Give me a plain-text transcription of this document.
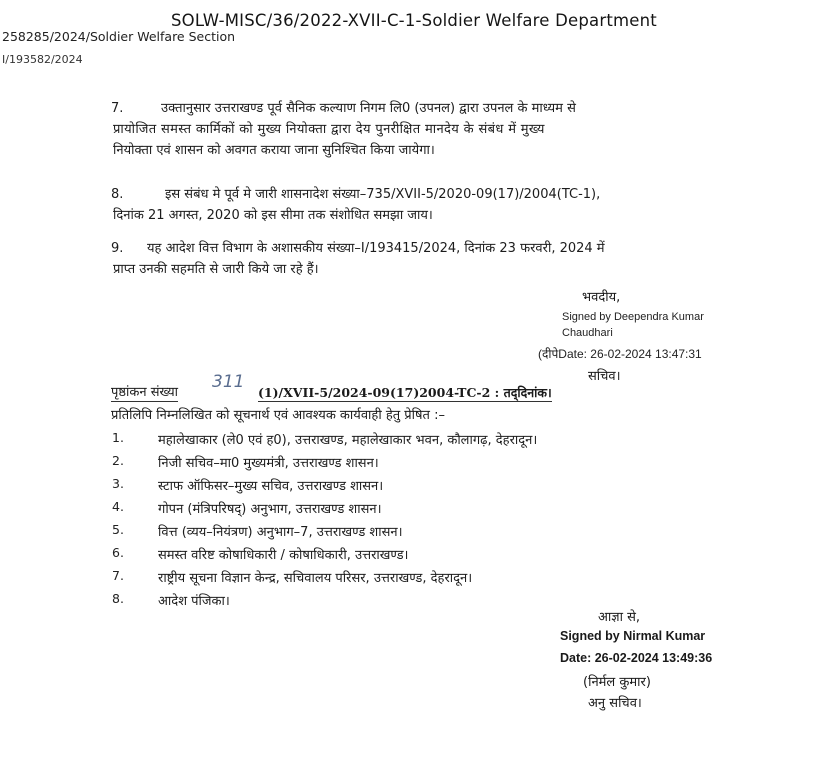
SOLW-MISC/36/2022-XVII-C-1-Soldier Welfare Department
258285/2024/Soldier Welfare Section
I/193582/2024
7.	उक्तानुसार उत्तराखण्ड पूर्व सैनिक कल्याण निगम लि0 (उपनल) द्वारा उपनल के माध्यम से
प्रायोजित समस्त कार्मिकों को मुख्य नियोक्ता द्वारा देय पुनरीक्षित मानदेय के संबंध में मुख्य
नियोक्ता एवं शासन को अवगत कराया जाना सुनिश्चित किया जायेगा।
8.	इस संबंध मे पूर्व मे जारी शासनादेश संख्या–735/XVII-5/2020-09(17)/2004(TC-1),
दिनांक 21 अगस्त, 2020 को इस सीमा तक संशोधित समझा जाय।
9.	यह आदेश वित्त विभाग के अशासकीय संख्या–I/193415/2024, दिनांक 23 फरवरी, 2024 में
प्राप्त उनकी सहमति से जारी किये जा रहे हैं।
भवदीय,
Signed by Deependra Kumar
Chaudhari
(दीपेDate: 26-02-2024 13:47:31
सचिव।
पृष्ठांकन संख्या
311
(1)/XVII-5/2024-09(17)2004-TC-2 : तद्‌दिनांक।
प्रतिलिपि निम्नलिखित को सूचनार्थ एवं आवश्यक कार्यवाही हेतु प्रेषित :–
1.	महालेखाकार (ले0 एवं ह0), उत्तराखण्ड, महालेखाकार भवन, कौलागढ़, देहरादून।
2.	निजी सचिव–मा0 मुख्यमंत्री, उत्तराखण्ड शासन।
3.	स्टाफ ऑफिसर–मुख्य सचिव, उत्तराखण्ड शासन।
4.	गोपन (मंत्रिपरिषद्) अनुभाग, उत्तराखण्ड शासन।
5.	वित्त (व्यय–नियंत्रण) अनुभाग–7, उत्तराखण्ड शासन।
6.	समस्त वरिष्ट कोषाधिकारी / कोषाधिकारी, उत्तराखण्ड।
7.	राष्ट्रीय सूचना विज्ञान केन्द्र, सचिवालय परिसर, उत्तराखण्ड, देहरादून।
8.	आदेश पंजिका।
आज्ञा से,
Signed by Nirmal Kumar
Date: 26-02-2024 13:49:36
(निर्मल कुमार)
अनु सचिव।
